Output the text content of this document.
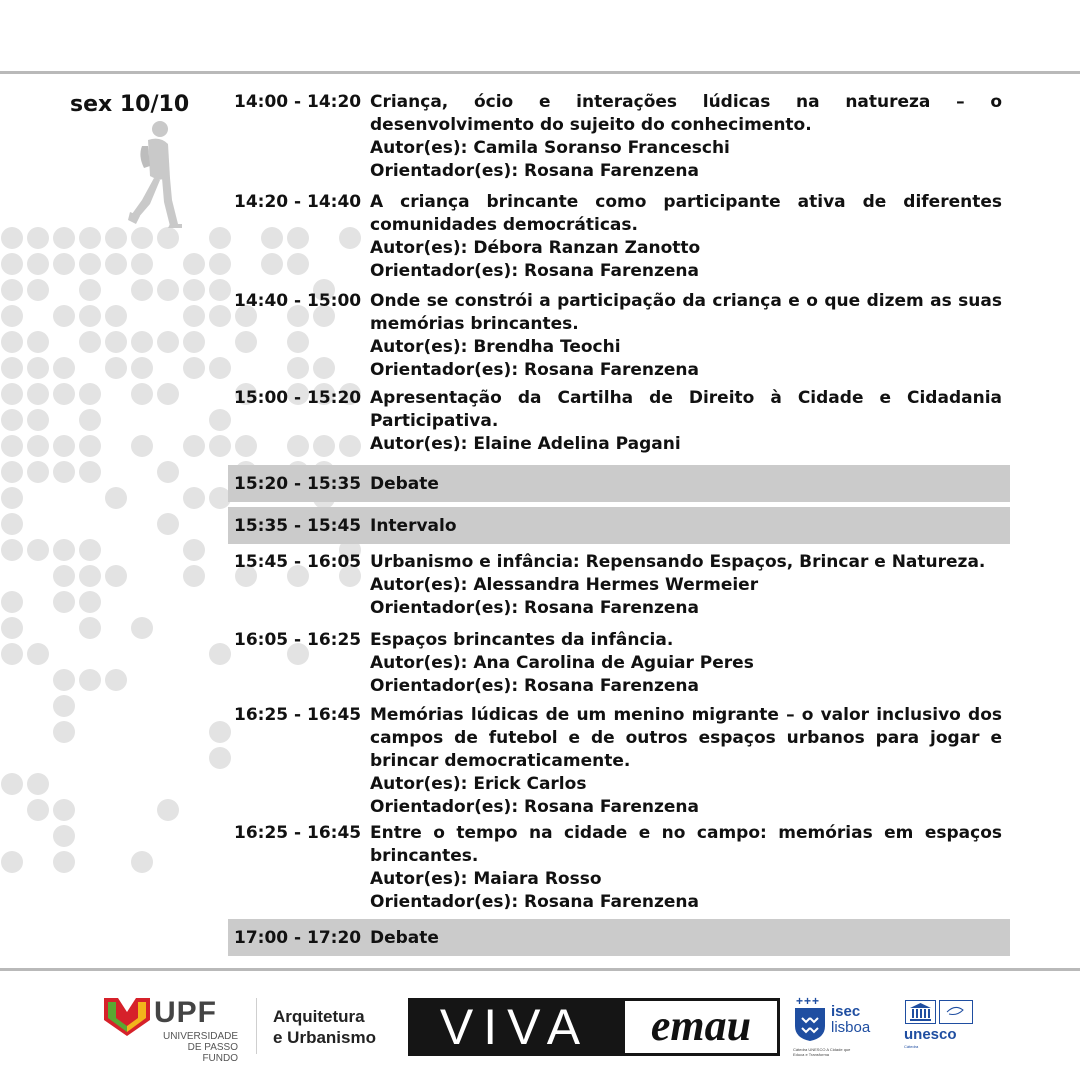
sex 10/10	14:00 - 14:20 Criança, ócio e interações lúdicas na natureza – o desenvolvimento do sujeito do conhecimento.
Autor(es): Camila Soranso Franceschi
Orientador(es): Rosana Farenzena
14:20 - 14:40 A criança brincante como participante ativa de diferentes comunidades democráticas.
Autor(es): Débora Ranzan Zanotto
Orientador(es): Rosana Farenzena
14:40 - 15:00 Onde se constrói a participação da criança e o que dizem as suas memórias brincantes.
Autor(es): Brendha Teochi
Orientador(es): Rosana Farenzena
15:00 - 15:20 Apresentação da Cartilha de Direito à Cidade e Cidadania Participativa.
Autor(es): Elaine Adelina Pagani
15:20 - 15:35 Debate
15:35 - 15:45 Intervalo
15:45 - 16:05 Urbanismo e infância: Repensando Espaços, Brincar e Natureza.
Autor(es): Alessandra Hermes Wermeier
Orientador(es): Rosana Farenzena
16:05 - 16:25 Espaços brincantes da infância.
Autor(es): Ana Carolina de Aguiar Peres
Orientador(es): Rosana Farenzena
16:25 - 16:45 Memórias lúdicas de um menino migrante – o valor inclusivo dos campos de futebol e de outros espaços urbanos para jogar e brincar democraticamente.
Autor(es): Erick Carlos
Orientador(es): Rosana Farenzena
16:25 - 16:45 Entre o tempo na cidade e no campo: memórias em espaços brincantes.
Autor(es): Maiara Rosso
Orientador(es): Rosana Farenzena
17:00 - 17:20 Debate
UPF
UNIVERSIDADE
DE PASSO FUNDO
Arquitetura
e Urbanismo	VIVA	emau	+++
isec
lisboa
Cátedra UNESCO A Cidade que Educa e Transforma
unesco
Cátedra
